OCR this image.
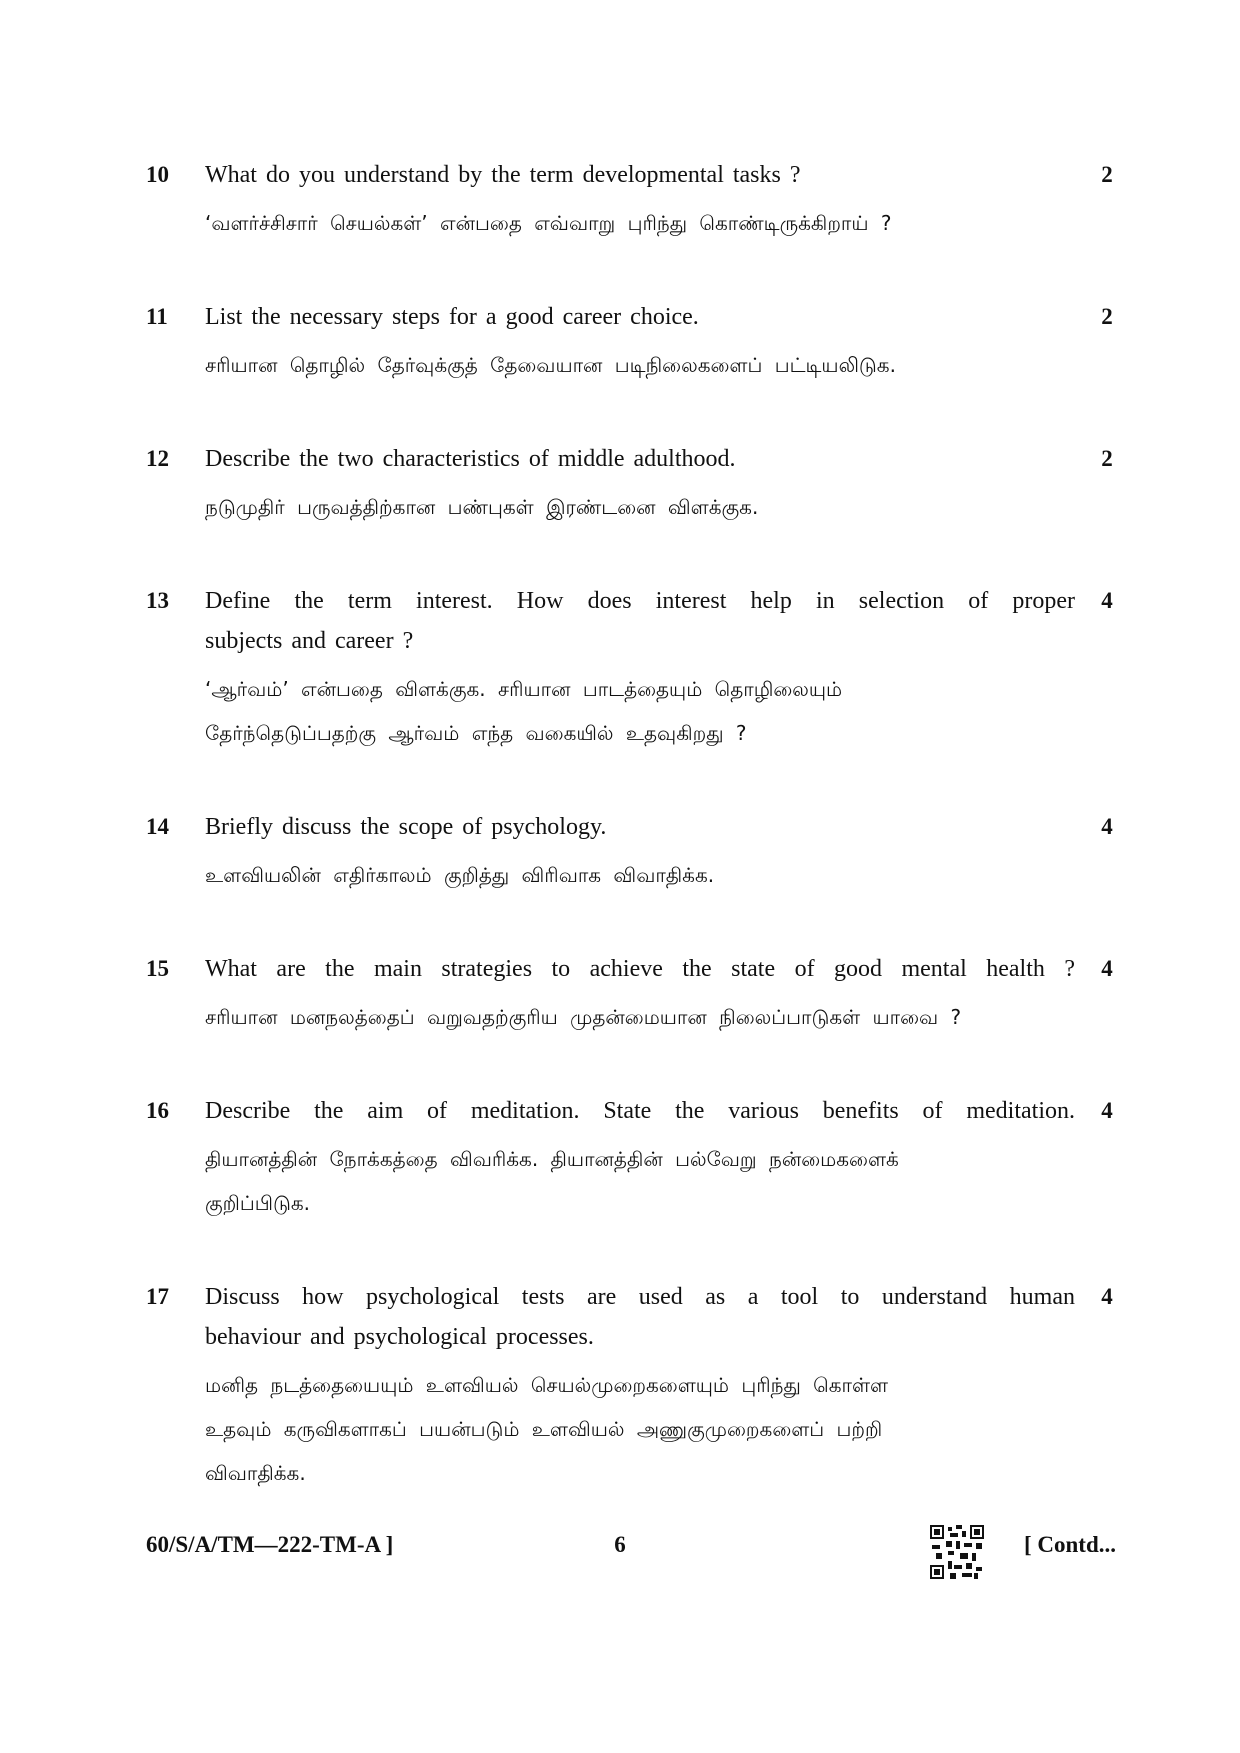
10 What do you understand by the term developmental tasks ?

‘வளர்ச்சிசார் செயல்கள்’ என்பதை எவ்வாறு புரிந்து கொண்டிருக்கிறாய் ?

2
11 List the necessary steps for a good career choice.

சரியான தொழில் தேர்வுக்குத் தேவையான படிநிலைகளைப் பட்டியலிடுக.

2
12 Describe the two characteristics of middle adulthood.

நடுமுதிர் பருவத்திற்கான பண்புகள் இரண்டனை விளக்குக.

2
13 Define the term interest. How does interest help in selection of proper

subjects and career ?

‘ஆர்வம்’ என்பதை விளக்குக. சரியான பாடத்தையும் தொழிலையும்

தேர்ந்தெடுப்பதற்கு ஆர்வம் எந்த வகையில் உதவுகிறது ?

4
14 Briefly discuss the scope of psychology.

உளவியலின் எதிர்காலம் குறித்து விரிவாக விவாதிக்க.

4
15 What are the main strategies to achieve the state of good mental health ?

சரியான மனநலத்தைப் வறுவதற்குரிய முதன்மையான நிலைப்பாடுகள் யாவை ?

4
16 Describe the aim of meditation. State the various benefits of meditation.

தியானத்தின் நோக்கத்தை விவரிக்க. தியானத்தின் பல்வேறு நன்மைகளைக்

குறிப்பிடுக.

4
17 Discuss how psychological tests are used as a tool to understand human

behaviour and psychological processes.

மனித நடத்தையையும் உளவியல் செயல்முறைகளையும் புரிந்து கொள்ள

உதவும் கருவிகளாகப் பயன்படும் உளவியல் அணுகுமுறைகளைப் பற்றி

விவாதிக்க.

4
60/S/A/TM—222-TM-A ]	6	[ Contd...
